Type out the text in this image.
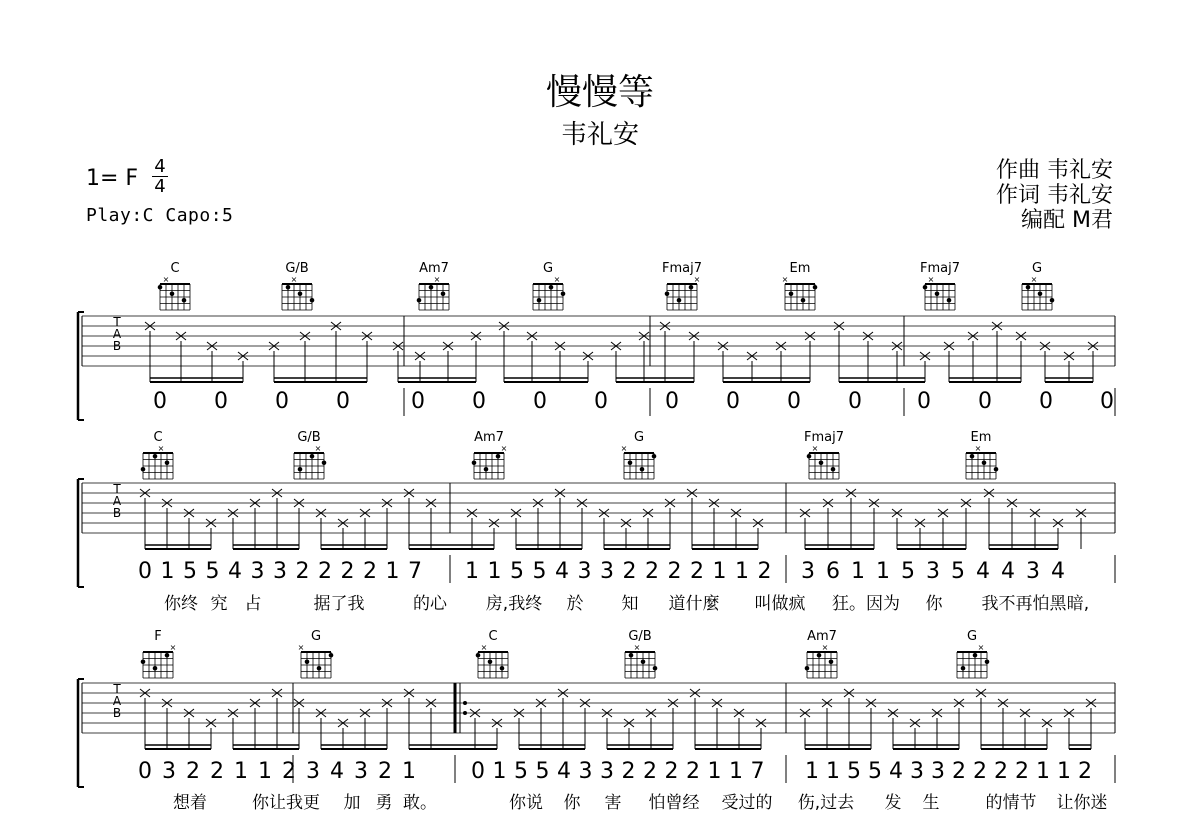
慢慢等
韦礼安
1= F 4
4
Play:C Capo:5
作曲 韦礼安
作词 韦礼安
编配 M君
C
×
G/B
×
Am7
×
G
×
Fmaj7
×
Em
×
Fmaj7
×
G
×
T
A
B
0 0 0 0	0 0 0 0	0 0 0 0	0 0 0 0
C
×
G/B
×
Am7
×
G
×
Fmaj7
×
Em
×
T
A
B
0 1 5 5 4 3 3 2 2 2 2 1 7 1 1 5 5 4 3 3 2 2 2 2 1 1 2 3 6 1 1 5 3 5 4 4 3 4
你终 究 占	据了我	的心 房,我终 於 知 道什麼 叫做疯 狂。因为 你 我不再怕黑 暗,
F
×
G
×
C
×
G/B
×
Am7
×
G
×
T
A
B
0 3 2 2 1 1 2 3 4 3 2 1	0 1 5 5 4 3 3 2 2 2 2 1 1 7 1 1 5 5 4 3 3 2 2 2 2 1 1 2
想着	你让我更 加 勇 敢。	你说 你 害 怕曾经 受过的 伤,过去 发 生	的情节 让你迷
